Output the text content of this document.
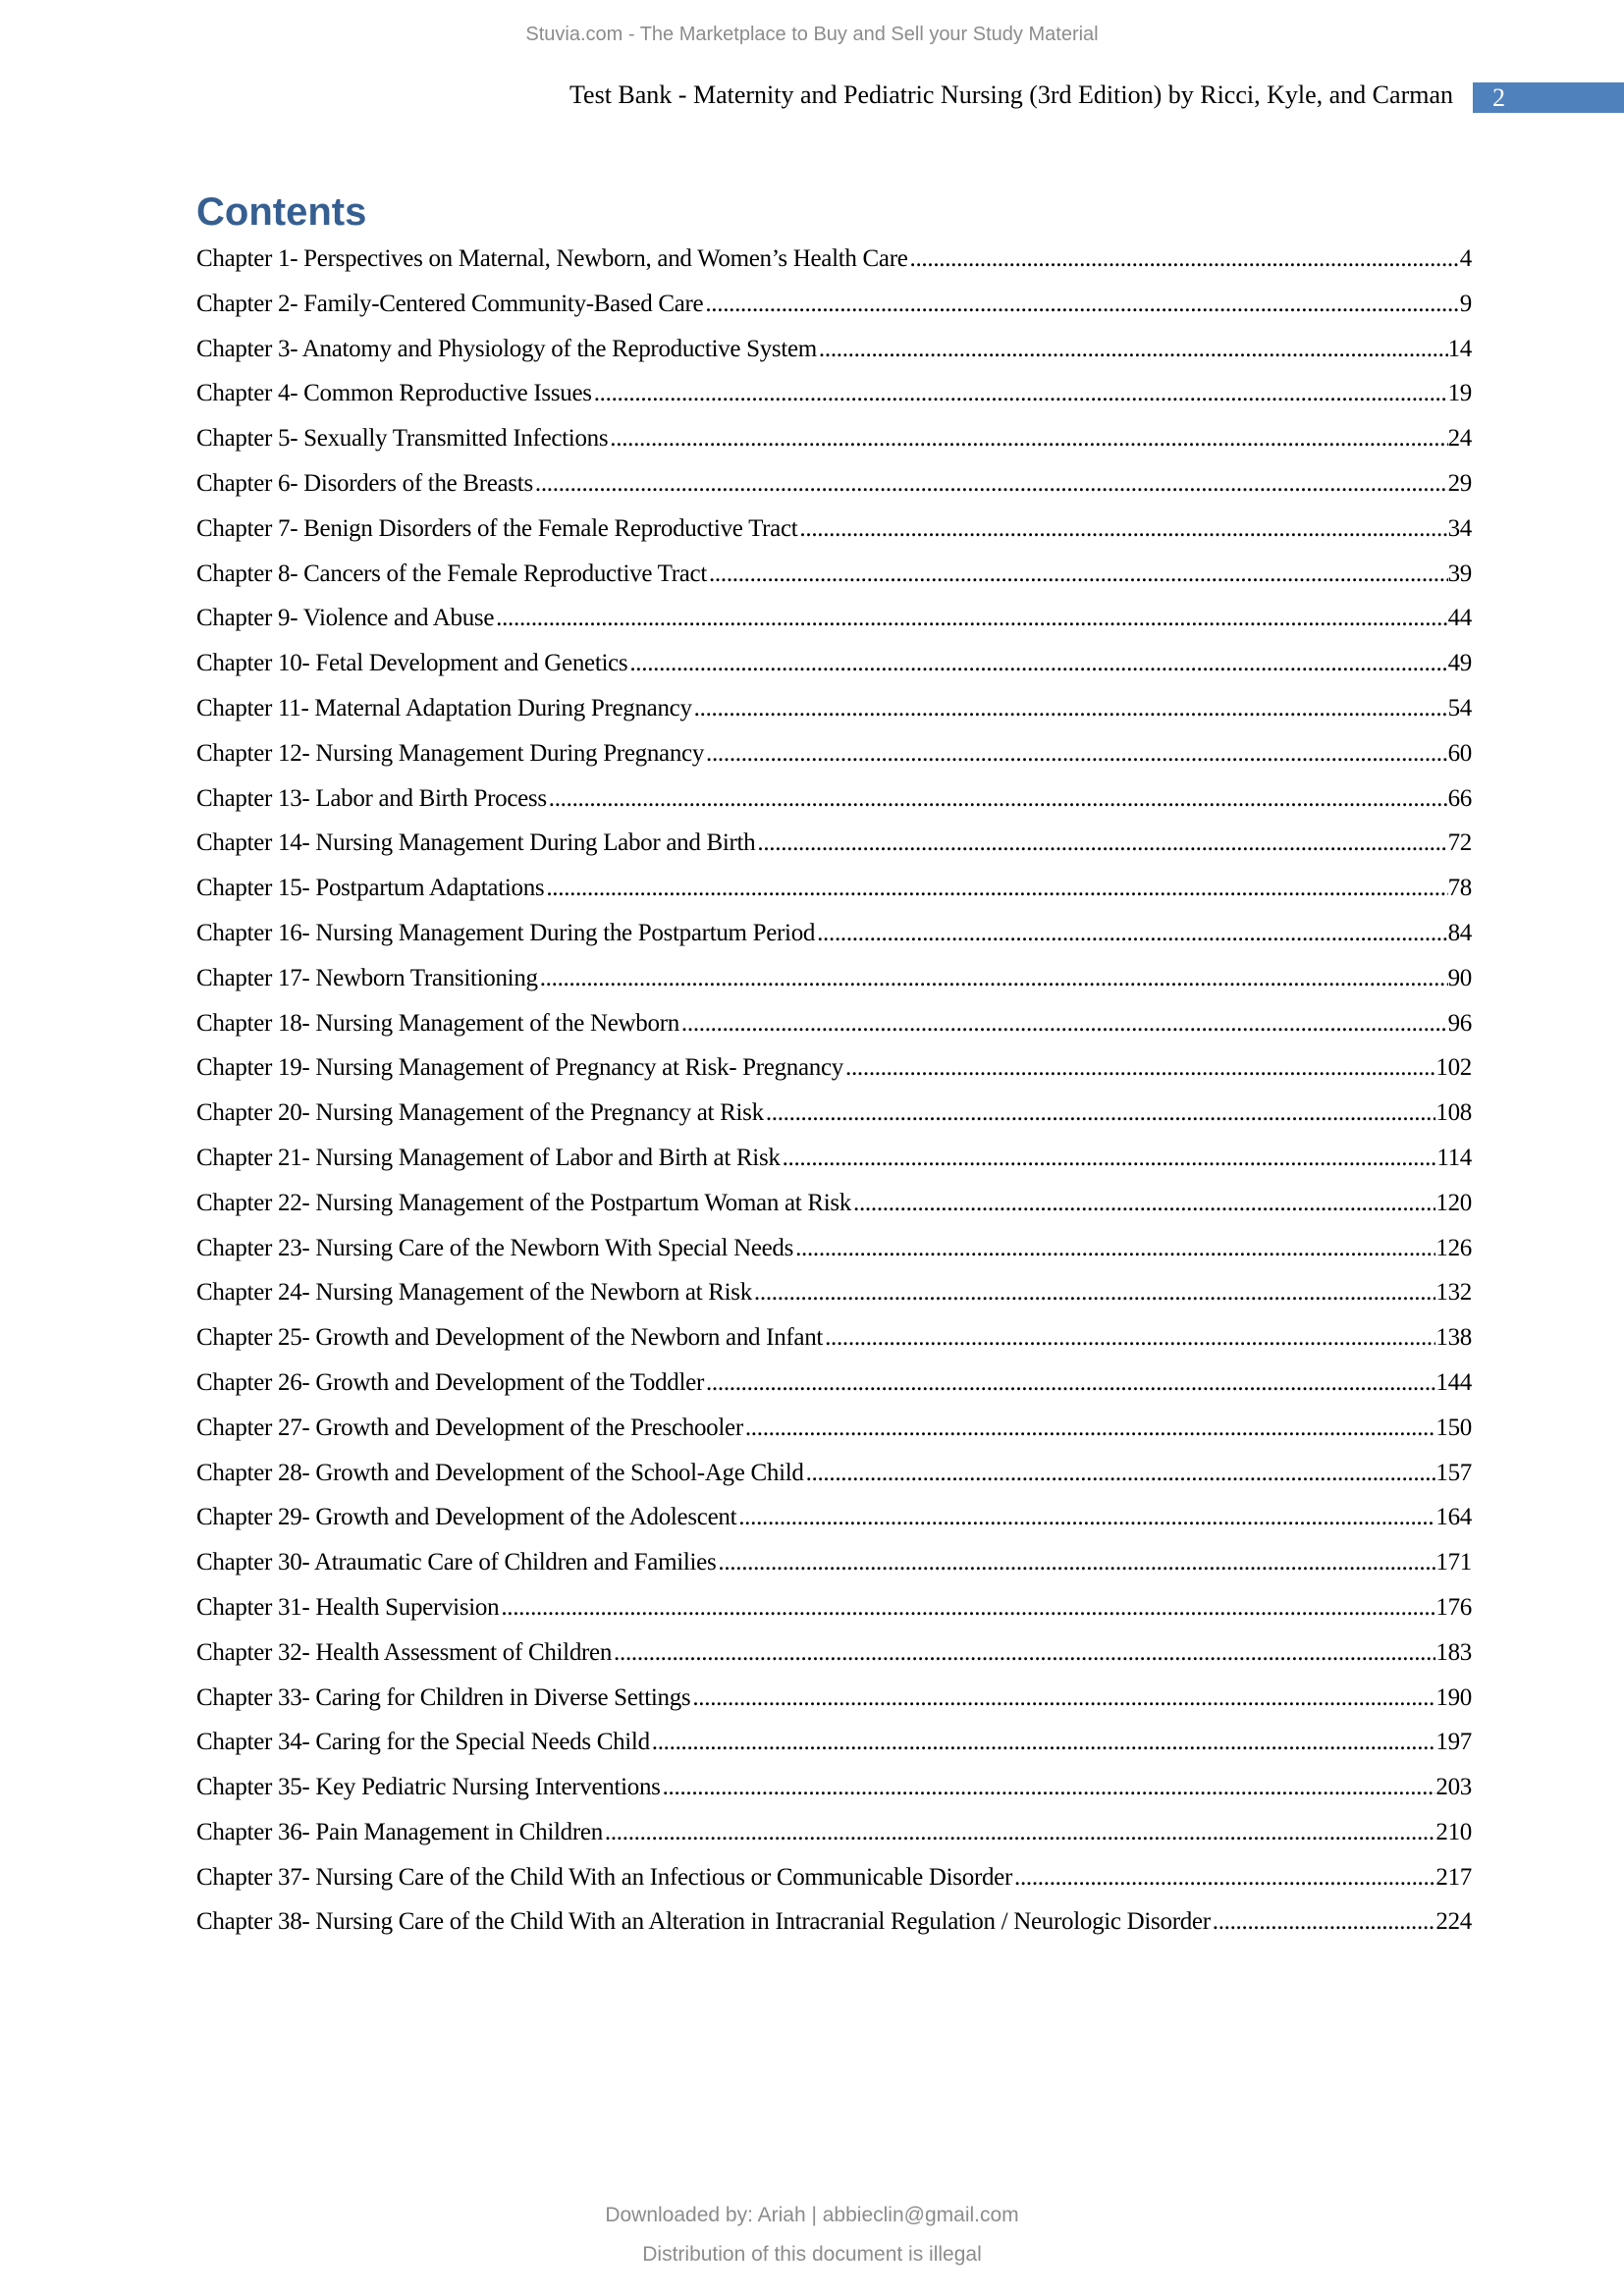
Stuvia.com - The Marketplace to Buy and Sell your Study Material
Test Bank - Maternity and Pediatric Nursing (3rd Edition) by Ricci, Kyle, and Carman	2
Contents
Chapter 1- Perspectives on Maternal, Newborn, and Women’s Health Care .....	4
Chapter 2- Family-Centered Community-Based Care .....	9
Chapter 3- Anatomy and Physiology of the Reproductive System .....	14
Chapter 4- Common Reproductive Issues .....	19
Chapter 5- Sexually Transmitted Infections .....	24
Chapter 6- Disorders of the Breasts .....	29
Chapter 7- Benign Disorders of the Female Reproductive Tract .....	34
Chapter 8- Cancers of the Female Reproductive Tract .....	39
Chapter 9- Violence and Abuse .....	44
Chapter 10- Fetal Development and Genetics .....	49
Chapter 11- Maternal Adaptation During Pregnancy .....	54
Chapter 12- Nursing Management During Pregnancy .....	60
Chapter 13- Labor and Birth Process .....	66
Chapter 14- Nursing Management During Labor and Birth .....	72
Chapter 15- Postpartum Adaptations .....	78
Chapter 16- Nursing Management During the Postpartum Period .....	84
Chapter 17- Newborn Transitioning .....	90
Chapter 18- Nursing Management of the Newborn .....	96
Chapter 19- Nursing Management of Pregnancy at Risk- Pregnancy .....	102
Chapter 20- Nursing Management of the Pregnancy at Risk .....	108
Chapter 21- Nursing Management of Labor and Birth at Risk .....	114
Chapter 22- Nursing Management of the Postpartum Woman at Risk .....	120
Chapter 23- Nursing Care of the Newborn With Special Needs .....	126
Chapter 24- Nursing Management of the Newborn at Risk .....	132
Chapter 25- Growth and Development of the Newborn and Infant .....	138
Chapter 26- Growth and Development of the Toddler .....	144
Chapter 27- Growth and Development of the Preschooler .....	150
Chapter 28- Growth and Development of the School-Age Child .....	157
Chapter 29- Growth and Development of the Adolescent .....	164
Chapter 30- Atraumatic Care of Children and Families .....	171
Chapter 31- Health Supervision .....	176
Chapter 32- Health Assessment of Children .....	183
Chapter 33- Caring for Children in Diverse Settings .....	190
Chapter 34- Caring for the Special Needs Child .....	197
Chapter 35- Key Pediatric Nursing Interventions .....	203
Chapter 36- Pain Management in Children .....	210
Chapter 37- Nursing Care of the Child With an Infectious or Communicable Disorder .....	217
Chapter 38- Nursing Care of the Child With an Alteration in Intracranial Regulation / Neurologic Disorder .....	224
Downloaded by: Ariah | abbieclin@gmail.com
Distribution of this document is illegal
